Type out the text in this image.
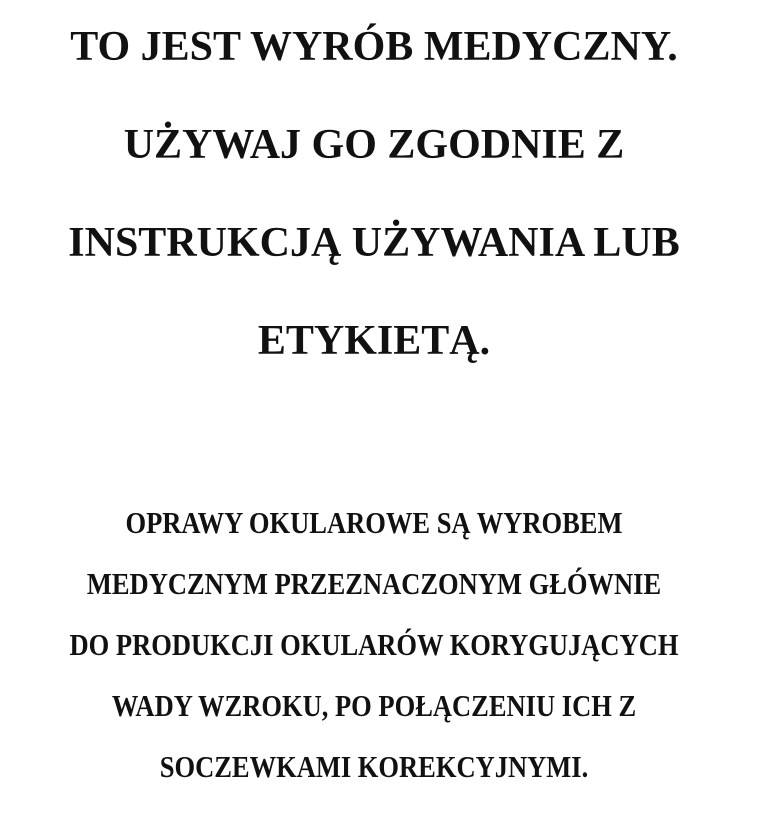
TO JEST WYRÓB MEDYCZNY.
UŻYWAJ GO ZGODNIE Z
INSTRUKCJĄ UŻYWANIA LUB
ETYKIETĄ.
OPRAWY OKULAROWE SĄ WYROBEM
MEDYCZNYM PRZEZNACZONYM GŁÓWNIE
DO PRODUKCJI OKULARÓW KORYGUJĄCYCH
WADY WZROKU, PO POŁĄCZENIU ICH Z
SOCZEWKAMI KOREKCYJNYMI.
